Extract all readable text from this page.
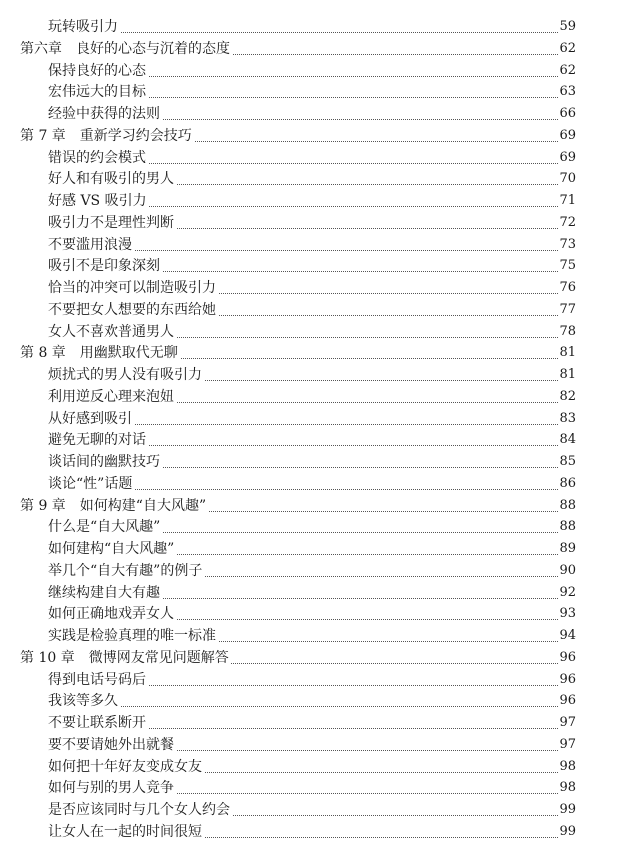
玩转吸引力	59
第六章　良好的心态与沉着的态度	62
保持良好的心态	62
宏伟远大的目标	63
经验中获得的法则	66
第 7 章　重新学习约会技巧	69
错误的约会模式	69
好人和有吸引的男人	70
好感 VS 吸引力	71
吸引力不是理性判断	72
不要滥用浪漫	73
吸引不是印象深刻	75
恰当的冲突可以制造吸引力	76
不要把女人想要的东西给她	77
女人不喜欢普通男人	78
第 8 章　用幽默取代无聊	81
烦扰式的男人没有吸引力	81
利用逆反心理来泡妞	82
从好感到吸引	83
避免无聊的对话	84
谈话间的幽默技巧	85
谈论“性”话题	86
第 9 章　如何构建“自大风趣”	88
什么是“自大风趣”	88
如何建构“自大风趣”	89
举几个“自大有趣”的例子	90
继续构建自大有趣	92
如何正确地戏弄女人	93
实践是检验真理的唯一标准	94
第 10 章　微博网友常见问题解答	96
得到电话号码后	96
我该等多久	96
不要让联系断开	97
要不要请她外出就餐	97
如何把十年好友变成女友	98
如何与别的男人竞争	98
是否应该同时与几个女人约会	99
让女人在一起的时间很短	99
